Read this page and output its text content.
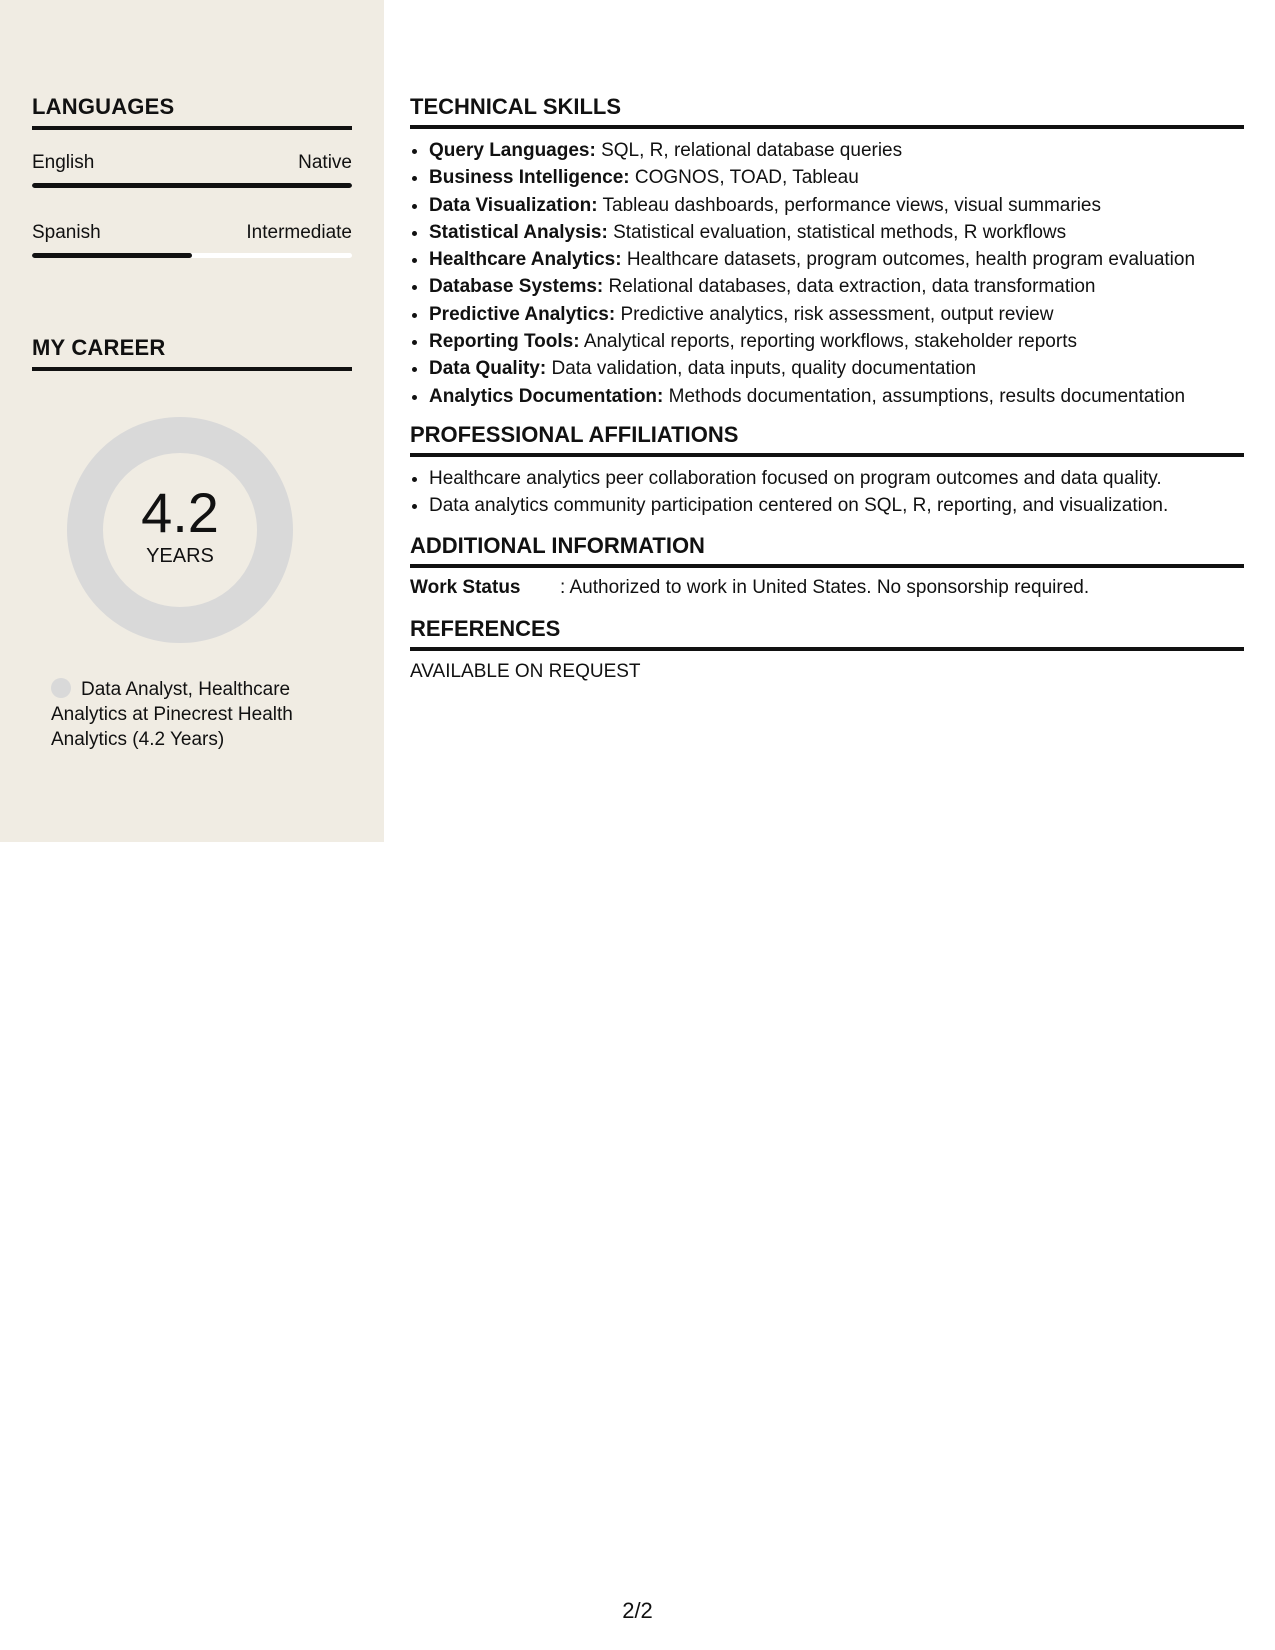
LANGUAGES
English	Native
Spanish	Intermediate
MY CAREER
4.2
YEARS
Data Analyst, Healthcare Analytics at Pinecrest Health Analytics (4.2 Years)
TECHNICAL SKILLS
• Query Languages: SQL, R, relational database queries
• Business Intelligence: COGNOS, TOAD, Tableau
• Data Visualization: Tableau dashboards, performance views, visual summaries
• Statistical Analysis: Statistical evaluation, statistical methods, R workflows
• Healthcare Analytics: Healthcare datasets, program outcomes, health program evaluation
• Database Systems: Relational databases, data extraction, data transformation
• Predictive Analytics: Predictive analytics, risk assessment, output review
• Reporting Tools: Analytical reports, reporting workflows, stakeholder reports
• Data Quality: Data validation, data inputs, quality documentation
• Analytics Documentation: Methods documentation, assumptions, results documentation
PROFESSIONAL AFFILIATIONS
• Healthcare analytics peer collaboration focused on program outcomes and data quality.
• Data analytics community participation centered on SQL, R, reporting, and visualization.
ADDITIONAL INFORMATION
Work Status	: Authorized to work in United States. No sponsorship required.
REFERENCES
AVAILABLE ON REQUEST
2/2
